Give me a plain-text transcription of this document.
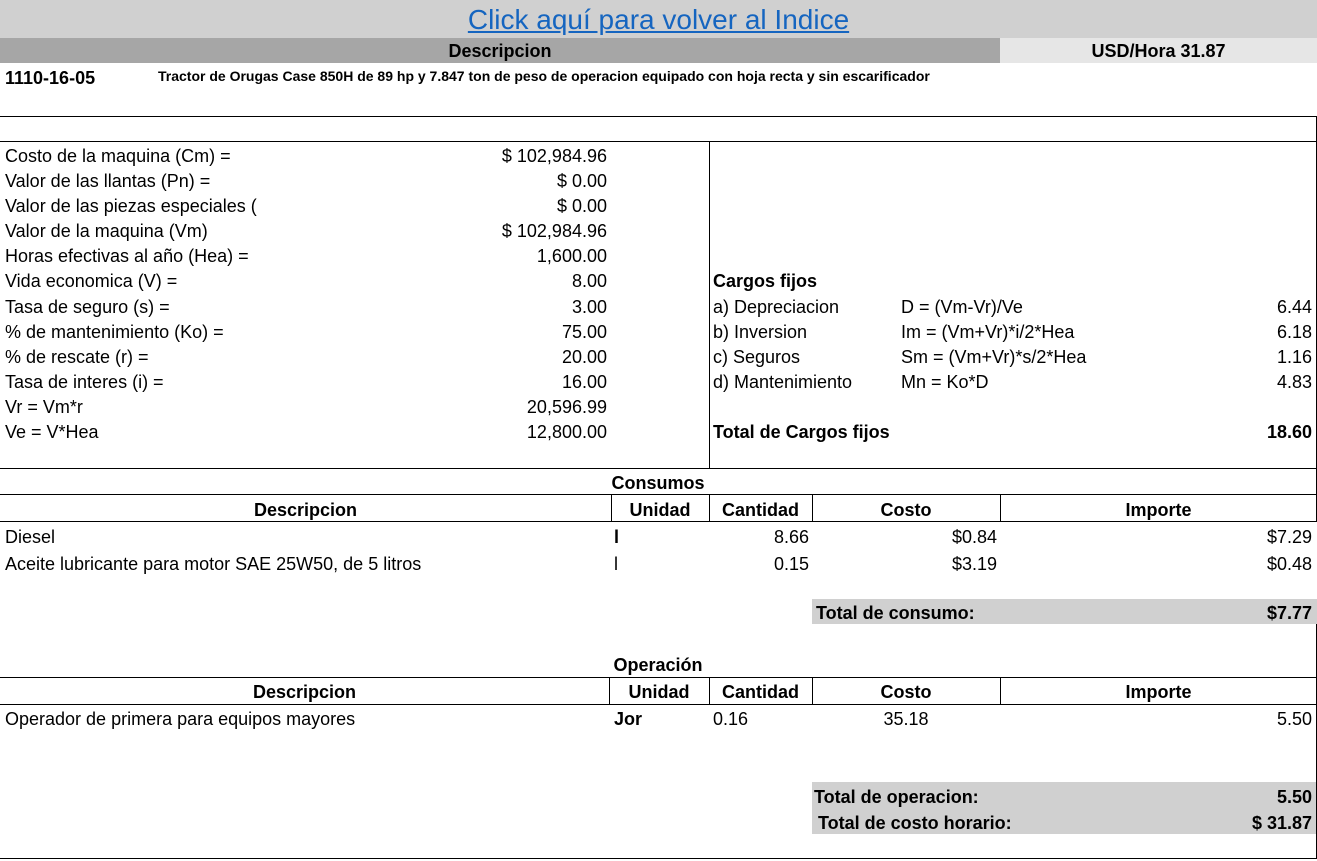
Click aquí para volver al Indice
Descripcion	USD/Hora 31.87
1110-16-05	Tractor de Orugas Case 850H de 89 hp y 7.847 ton de peso de operacion equipado con hoja recta y sin escarificador
Costo de la maquina (Cm) =	$ 102,984.96
Valor de las llantas (Pn) =	$ 0.00
Valor de las piezas especiales (	$ 0.00
Valor de la maquina (Vm)	$ 102,984.96
Horas efectivas al año (Hea) =	1,600.00
Vida economica (V) =	8.00
Tasa de seguro (s) =	3.00
% de mantenimiento (Ko) =	75.00
% de rescate (r) =	20.00
Tasa de interes (i) =	16.00
Vr = Vm*r	20,596.99
Ve = V*Hea	12,800.00
Cargos fijos
a) Depreciacion	D = (Vm-Vr)/Ve	6.44
b) Inversion	Im = (Vm+Vr)*i/2*Hea	6.18
c) Seguros	Sm = (Vm+Vr)*s/2*Hea	1.16
d) Mantenimiento	Mn = Ko*D	4.83
Total de Cargos fijos	18.60
Consumos
Descripcion	Unidad	Cantidad	Costo	Importe
Diesel	l	8.66	$0.84	$7.29
Aceite lubricante para motor SAE 25W50, de 5 litros	l	0.15	$3.19	$0.48
Total de consumo:	$7.77
Operación
Descripcion	Unidad	Cantidad	Costo	Importe
Operador de primera para equipos mayores	Jor	0.16	35.18	5.50
Total de operacion:	5.50
Total de costo horario:	$ 31.87
